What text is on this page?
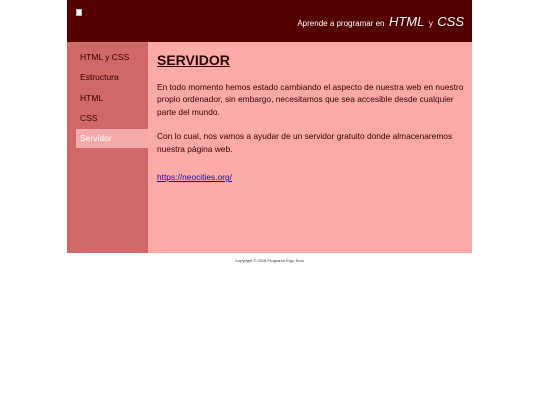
Aprende a programar en HTML y CSS
HTML y CSS
Estructura
HTML
CSS
Servidor
SERVIDOR

En todo momento hemos estado cambiando el aspecto de nuestra web en nuestro propio ordenador, sin embargo, necesitamos que sea accesible desde cualquier parte del mundo.

Con lo cual, nos vamos a ayudar de un servidor gratuito donde almacenaremos nuestra página web.

https://neocities.org/
Copyright © 2018 Programo Ergo Sum
